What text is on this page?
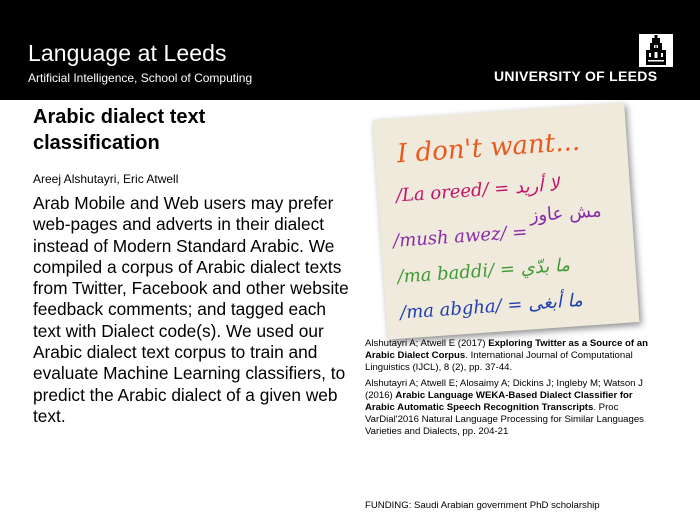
Language at Leeds
Artificial Intelligence, School of Computing	UNIVERSITY OF LEEDS
Arabic dialect text classification
Areej Alshutayri, Eric Atwell
Arab Mobile and Web users may prefer web-pages and adverts in their dialect instead of Modern Standard Arabic. We compiled a corpus of Arabic dialect texts from Twitter, Facebook and other website feedback comments; and tagged each text with Dialect code(s). We used our Arabic dialect text corpus to train and evaluate Machine Learning classifiers, to predict the Arabic dialect of a given web text.
I don't want...
/La oreed/ = لا أريد
مش عاوز
/mush awez/ =
/ma baddi/ = ما بدّي
/ma abgha/ = ما أبغى

Alshutayri A; Atwell E (2017) Exploring Twitter as a Source of an Arabic Dialect Corpus. International Journal of Computational Linguistics (IJCL), 8 (2), pp. 37-44.

Alshutayri A; Atwell E; Alosaimy A; Dickins J; Ingleby M; Watson J (2016) Arabic Language WEKA-Based Dialect Classifier for Arabic Automatic Speech Recognition Transcripts. Proc VarDial'2016 Natural Language Processing for Similar Languages Varieties and Dialects, pp. 204-21

FUNDING: Saudi Arabian government PhD scholarship
